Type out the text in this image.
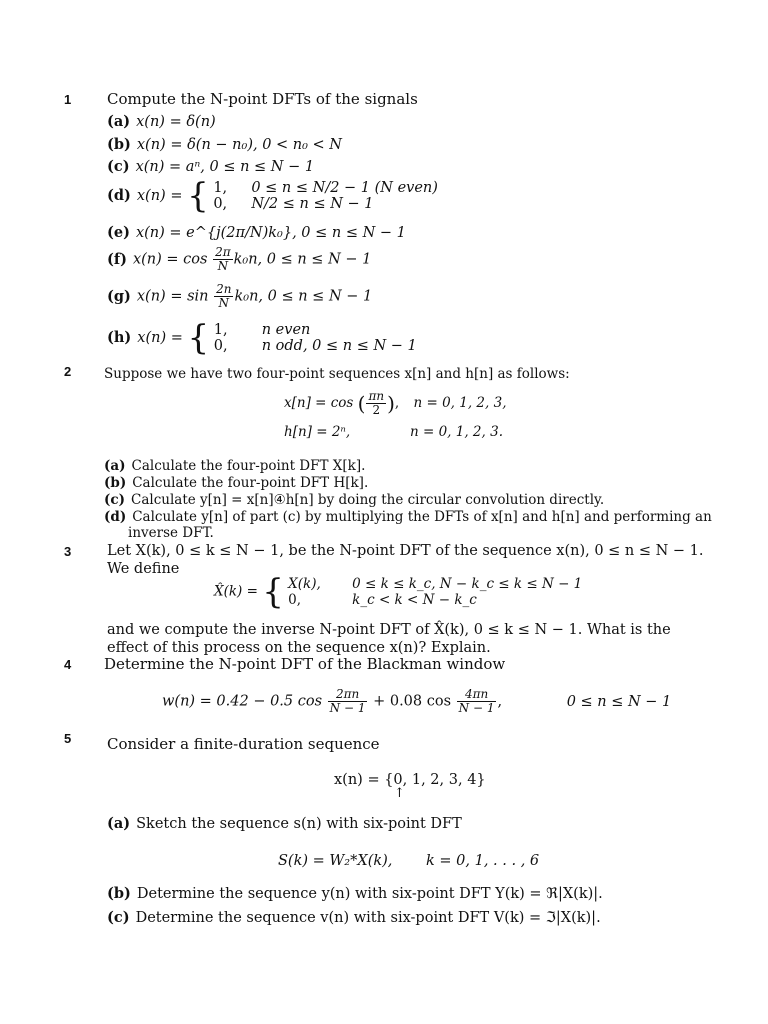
1
2
3
4
5
Compute the N-point DFTs of the signals
(a) x(n) = δ(n)
(b) x(n) = δ(n − n₀), 0 < n₀ < N
(c) x(n) = aⁿ, 0 ≤ n ≤ N − 1
(d) x(n) = { 1, 0 ≤ n ≤ N/2 − 1 (N even)
0, N/2 ≤ n ≤ N − 1
(e) x(n) = e^{j(2π/N)k₀}, 0 ≤ n ≤ N − 1
(f) $x(n) = \cos \frac{2\pi}{N} k_0n$, 0 ≤ n ≤ N − 1
(g) $x(n) = \sin \frac{2n}{N} k_0n$, 0 ≤ n ≤ N − 1
(h) x(n) = { 1, n even
0, n odd, 0 ≤ n ≤ N − 1
Suppose we have two four-point sequences x[n] and h[n] as follows:
x[n] = cos ( $\frac{\pi n}{2}$ ), n = 0, 1, 2, 3,
h[n] = 2ⁿ,	n = 0, 1, 2, 3.
(a) Calculate the four-point DFT X[k].
(b) Calculate the four-point DFT H[k].
(c) Calculate y[n] = x[n]④h[n] by doing the circular convolution directly.
(d) Calculate y[n] of part (c) by multiplying the DFTs of x[n] and h[n] and performing an
inverse DFT.
Let X(k), 0 ≤ k ≤ N − 1, be the N-point DFT of the sequence x(n), 0 ≤ n ≤ N − 1.
We define
X̂(k) = { X(k), 0 ≤ k ≤ k_c, N − k_c ≤ k ≤ N − 1
0,	k_c < k < N − k_c
and we compute the inverse N-point DFT of X̂(k), 0 ≤ k ≤ N − 1. What is the
effect of this process on the sequence x(n)? Explain.
Determine the N-point DFT of the Blackman window
w(n) = 0.42 − 0.5 $\cos \frac{2\pi n}{N - 1} + 0.08$ $\cos \frac{4\pi n}{N - 1}$ ,	0 ≤ n ≤ N − 1
Consider a finite-duration sequence
x(n) = {0, 1, 2, 3, 4}
↑
(a) Sketch the sequence s(n) with six-point DFT
S(k) = W₂*X(k), k = 0, 1, . . . , 6
(b) Determine the sequence y(n) with six-point DFT Y(k) = ℜ|X(k)|.
(c) Determine the sequence v(n) with six-point DFT V(k) = ℑ|X(k)|.
